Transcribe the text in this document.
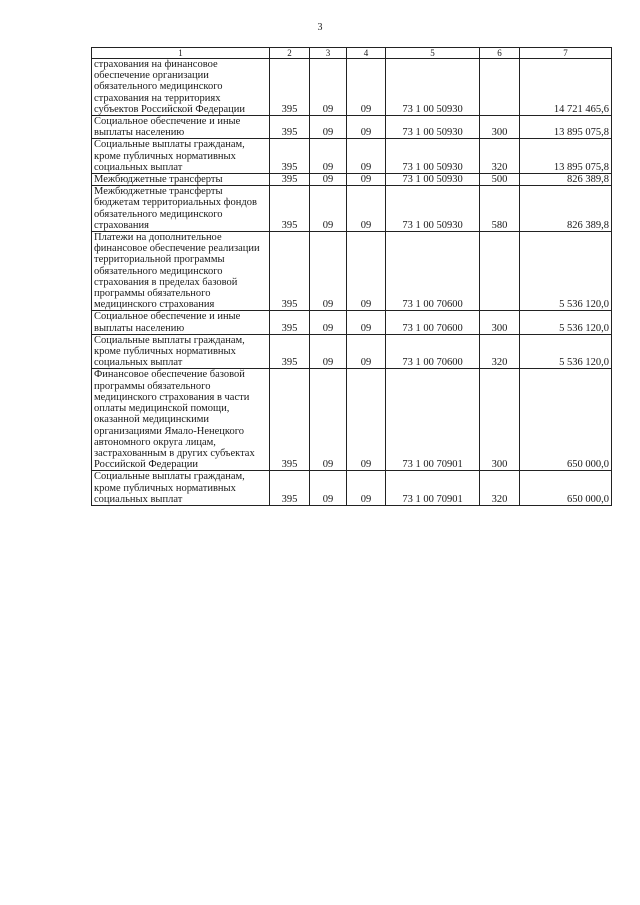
3
1	2	3	4	5	6	7
страхования на финансовое обеспечение организации обязательного медицинского страхования на территориях субъектов Российской Федерации	395	09	09	73 1 00 50930		14 721 465,6
Социальное обеспечение и иные выплаты населению	395	09	09	73 1 00 50930	300	13 895 075,8
Социальные выплаты гражданам, кроме публичных нормативных социальных выплат	395	09	09	73 1 00 50930	320	13 895 075,8
Межбюджетные трансферты	395	09	09	73 1 00 50930	500	826 389,8
Межбюджетные трансферты бюджетам территориальных фондов обязательного медицинского страхования	395	09	09	73 1 00 50930	580	826 389,8
Платежи на дополнительное финансовое обеспечение реализации территориальной программы обязательного медицинского страхования в пределах базовой программы обязательного медицинского страхования	395	09	09	73 1 00 70600		5 536 120,0
Социальное обеспечение и иные выплаты населению	395	09	09	73 1 00 70600	300	5 536 120,0
Социальные выплаты гражданам, кроме публичных нормативных социальных выплат	395	09	09	73 1 00 70600	320	5 536 120,0
Финансовое обеспечение базовой программы обязательного медицинского страхования в части оплаты медицинской помощи, оказанной медицинскими организациями Ямало-Ненецкого автономного округа лицам, застрахованным в других субъектах Российской Федерации	395	09	09	73 1 00 70901	300	650 000,0
Социальные выплаты гражданам, кроме публичных нормативных социальных выплат	395	09	09	73 1 00 70901	320	650 000,0
